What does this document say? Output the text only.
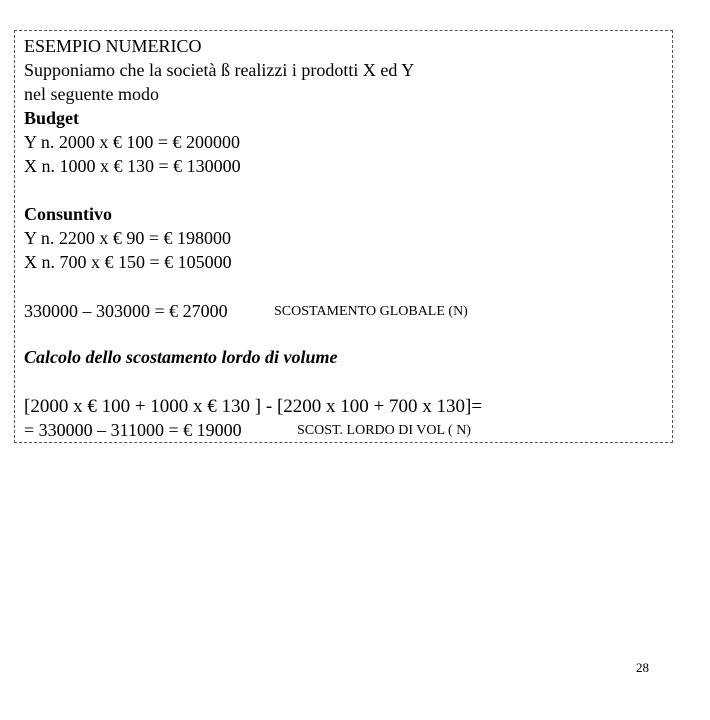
ESEMPIO NUMERICO
Supponiamo che la società ß realizzi i prodotti X ed Y
nel seguente modo
Budget
Y n. 2000 x € 100 = € 200000
X n. 1000 x € 130 = € 130000
Consuntivo
Y n. 2200 x € 90 = € 198000
X n. 700 x € 150 = € 105000
330000 – 303000 = € 27000	SCOSTAMENTO GLOBALE (N)
Calcolo dello scostamento lordo di volume
[2000 x € 100 + 1000 x € 130 ] - [2200 x 100 + 700 x 130]=
= 330000 – 311000 = € 19000	SCOST. LORDO DI VOL ( N)
28
